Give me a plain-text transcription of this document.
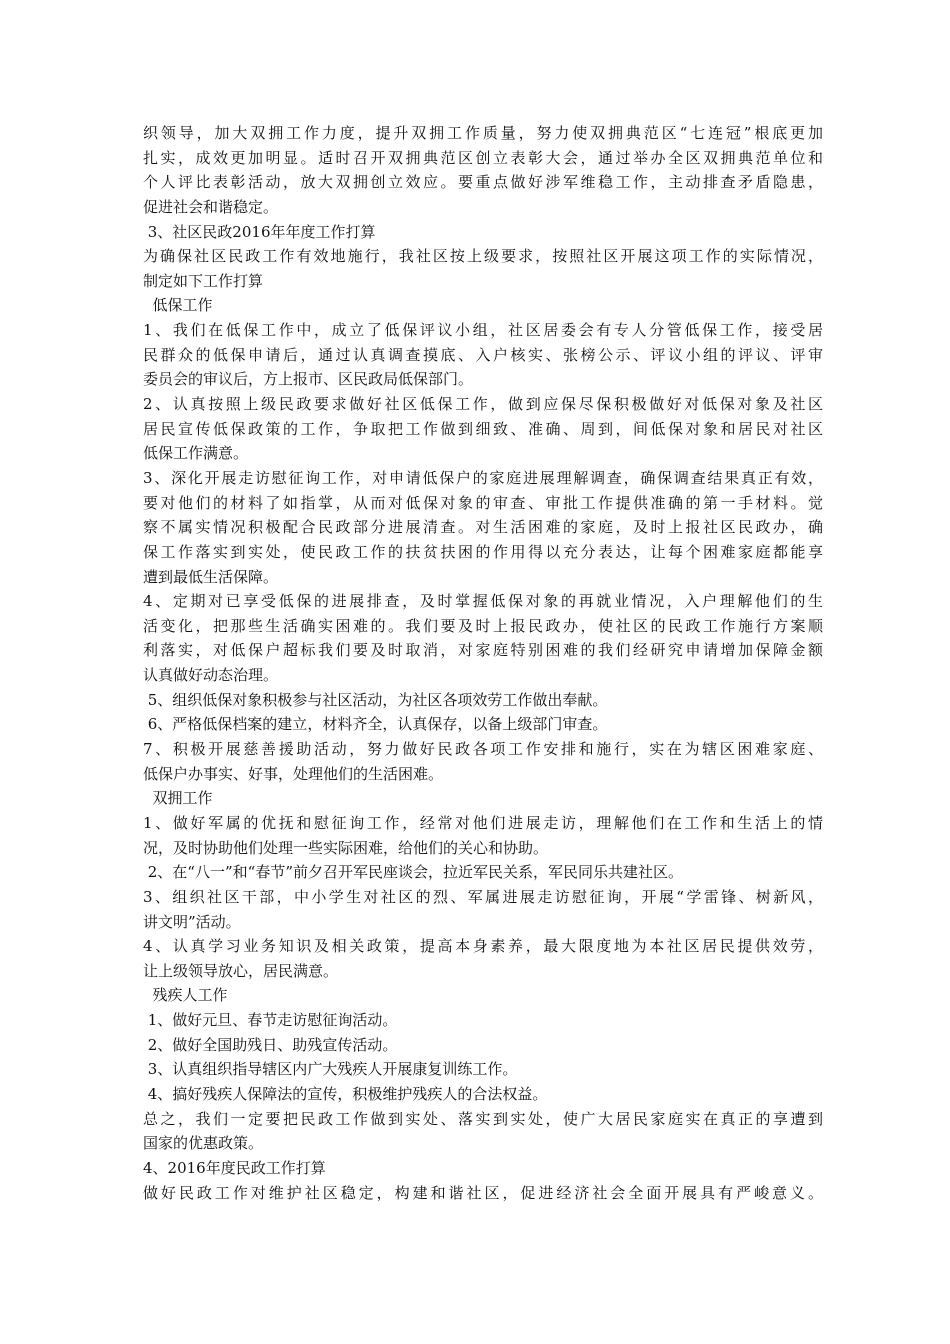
织领导，加大双拥工作力度，提升双拥工作质量，努力使双拥典范区“七连冠”根底更加
扎实，成效更加明显。适时召开双拥典范区创立表彰大会，通过举办全区双拥典范单位和
个人评比表彰活动，放大双拥创立效应。要重点做好涉军维稳工作，主动排查矛盾隐患，
促进社会和谐稳定。
3、社区民政2016年年度工作打算
为确保社区民政工作有效地施行，我社区按上级要求，按照社区开展这项工作的实际情况，
制定如下工作打算
低保工作
1、我们在低保工作中，成立了低保评议小组，社区居委会有专人分管低保工作，接受居
民群众的低保申请后，通过认真调查摸底、入户核实、张榜公示、评议小组的评议、评审
委员会的审议后，方上报市、区民政局低保部门。
2、认真按照上级民政要求做好社区低保工作，做到应保尽保积极做好对低保对象及社区
居民宣传低保政策的工作，争取把工作做到细致、准确、周到，间低保对象和居民对社区
低保工作满意。
3、深化开展走访慰征询工作，对申请低保户的家庭进展理解调查，确保调查结果真正有效，
要对他们的材料了如指掌，从而对低保对象的审查、审批工作提供准确的第一手材料。觉
察不属实情况积极配合民政部分进展清查。对生活困难的家庭，及时上报社区民政办，确
保工作落实到实处，使民政工作的扶贫扶困的作用得以充分表达，让每个困难家庭都能享
遭到最低生活保障。
4、定期对已享受低保的进展排查，及时掌握低保对象的再就业情况，入户理解他们的生
活变化，把那些生活确实困难的。我们要及时上报民政办，使社区的民政工作施行方案顺
利落实，对低保户超标我们要及时取消，对家庭特别困难的我们经研究申请增加保障金额
认真做好动态治理。
5、组织低保对象积极参与社区活动，为社区各项效劳工作做出奉献。
6、严格低保档案的建立，材料齐全，认真保存，以备上级部门审查。
7、积极开展慈善援助活动，努力做好民政各项工作安排和施行，实在为辖区困难家庭、
低保户办事实、好事，处理他们的生活困难。
双拥工作
1、做好军属的优抚和慰征询工作，经常对他们进展走访，理解他们在工作和生活上的情
况，及时协助他们处理一些实际困难，给他们的关心和协助。
2、在“八一”和“春节”前夕召开军民座谈会，拉近军民关系，军民同乐共建社区。
3、组织社区干部，中小学生对社区的烈、军属进展走访慰征询，开展“学雷锋、树新风，
讲文明”活动。
4、认真学习业务知识及相关政策，提高本身素养，最大限度地为本社区居民提供效劳，
让上级领导放心，居民满意。
残疾人工作
1、做好元旦、春节走访慰征询活动。
2、做好全国助残日、助残宣传活动。
3、认真组织指导辖区内广大残疾人开展康复训练工作。
4、搞好残疾人保障法的宣传，积极维护残疾人的合法权益。
总之，我们一定要把民政工作做到实处、落实到实处，使广大居民家庭实在真正的享遭到
国家的优惠政策。
4、2016年度民政工作打算
做好民政工作对维护社区稳定，构建和谐社区，促进经济社会全面开展具有严峻意义。
